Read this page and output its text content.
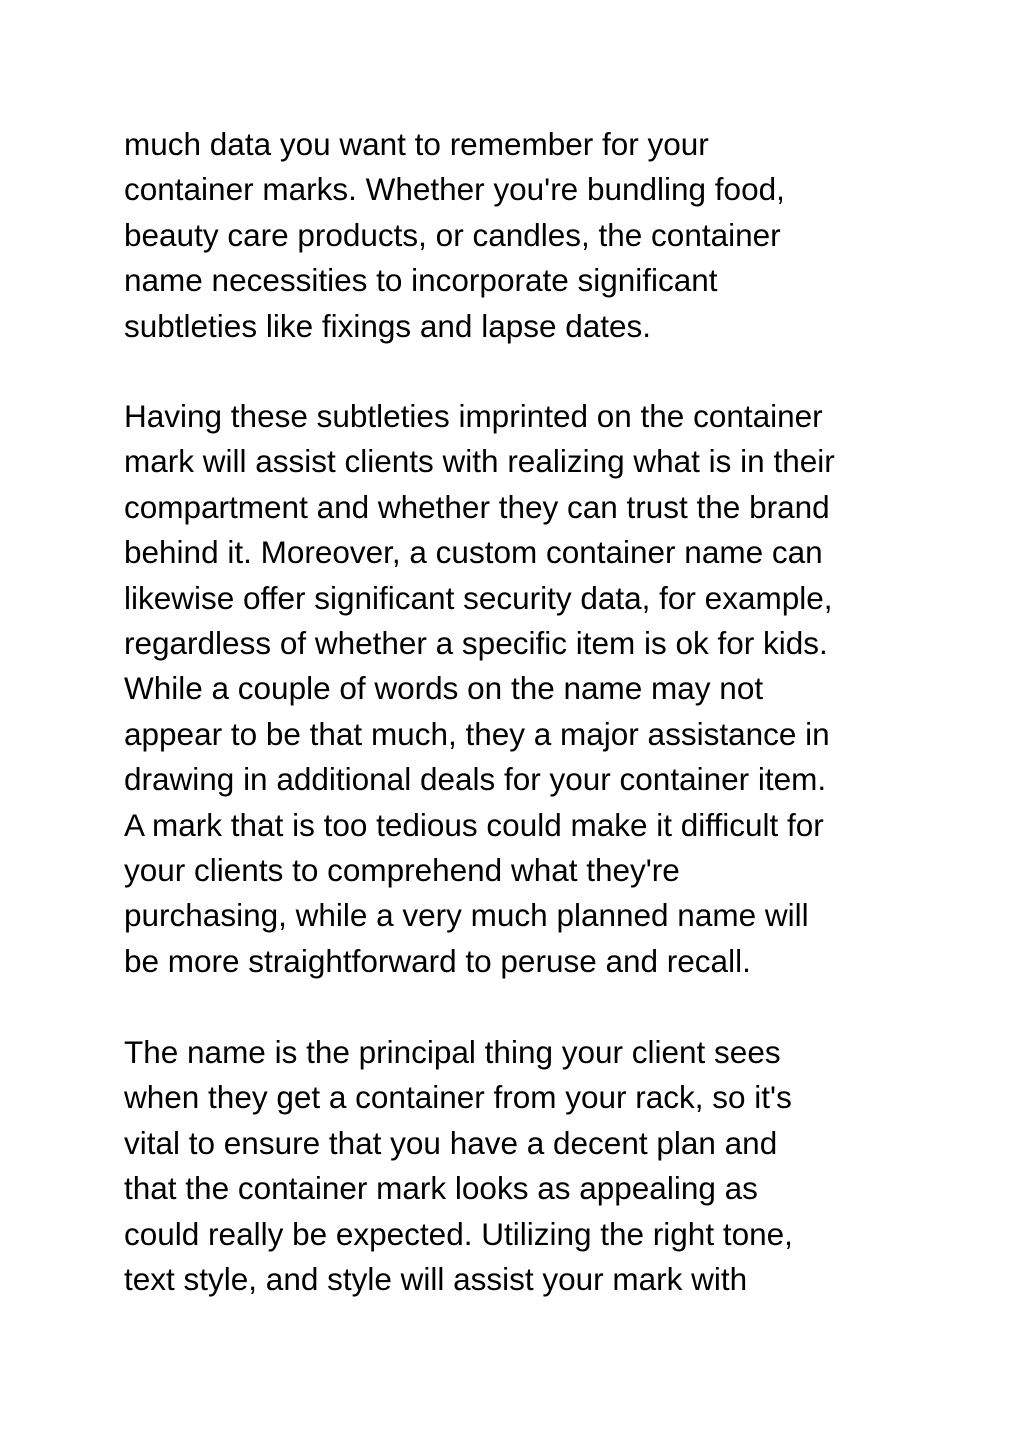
much data you want to remember for your
container marks. Whether you're bundling food,
beauty care products, or candles, the container
name necessities to incorporate significant
subtleties like fixings and lapse dates.
Having these subtleties imprinted on the container
mark will assist clients with realizing what is in their
compartment and whether they can trust the brand
behind it. Moreover, a custom container name can
likewise offer significant security data, for example,
regardless of whether a specific item is ok for kids.
While a couple of words on the name may not
appear to be that much, they a major assistance in
drawing in additional deals for your container item.
A mark that is too tedious could make it difficult for
your clients to comprehend what they're
purchasing, while a very much planned name will
be more straightforward to peruse and recall.
The name is the principal thing your client sees
when they get a container from your rack, so it's
vital to ensure that you have a decent plan and
that the container mark looks as appealing as
could really be expected. Utilizing the right tone,
text style, and style will assist your mark with
